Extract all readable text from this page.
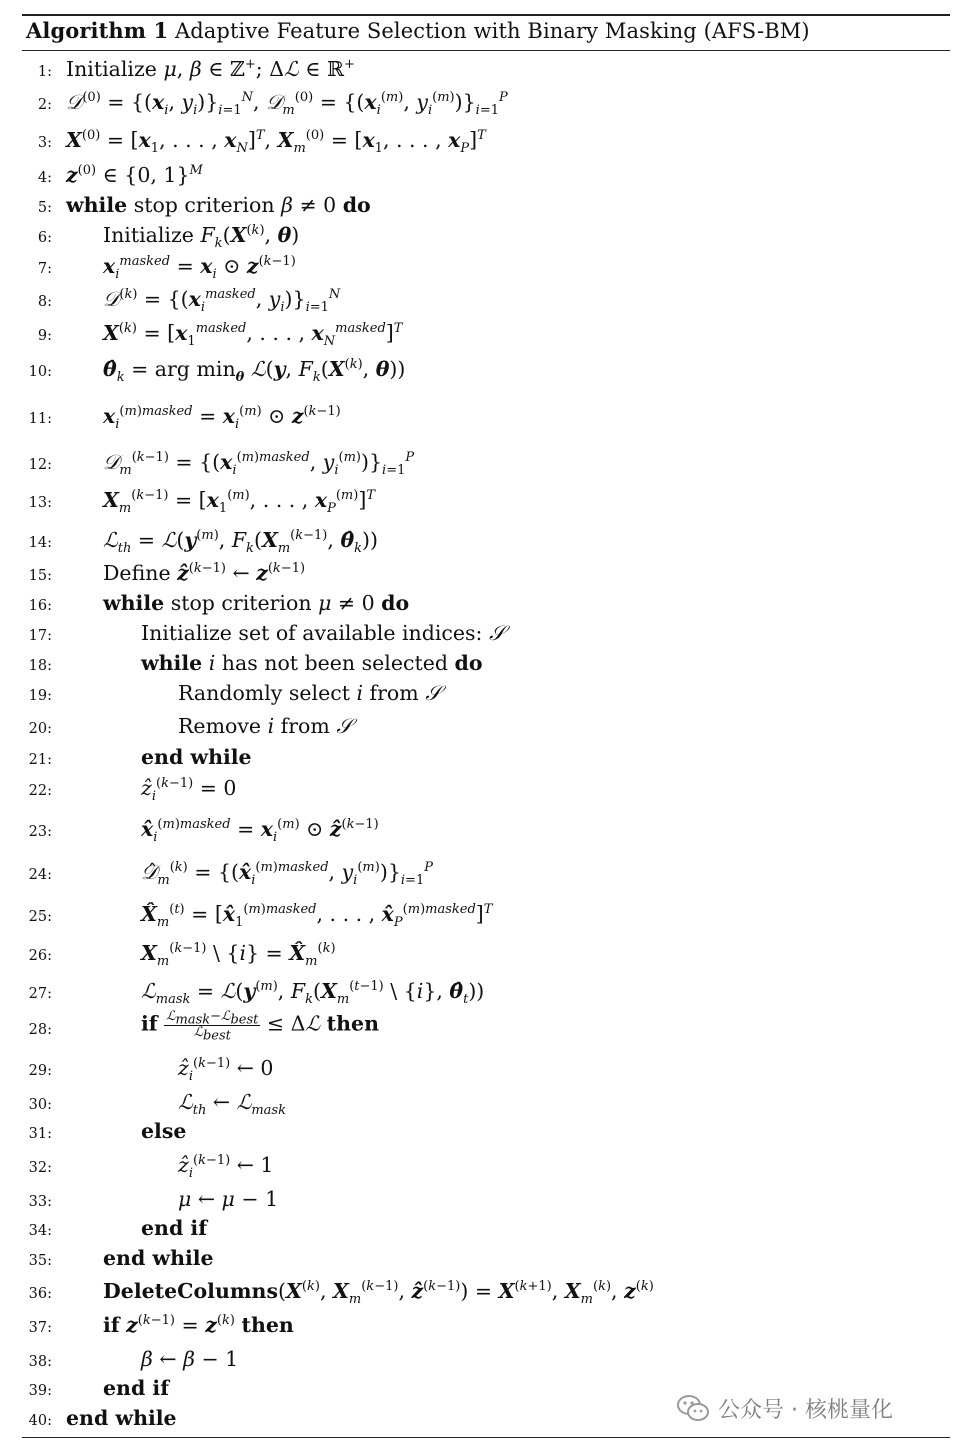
Algorithm 1 Adaptive Feature Selection with Binary Masking (AFS-BM)
1: Initialize μ, β ∈ ℤ+; Δℒ ∈ ℝ+
2: 𝒟$^{(0)}$ = {($x_i$, $y_i)\}_{i=1}^N$, 𝒟$_m^{(0)}$ = {($x_i^{(m)}$, $y_i^{(m)})\}_{i=1}^P$
3: $X^{(0)} = [x_1$, . . . , $x_N]^T$, $X_m^{(0)} = [x_1$, . . . , $x_P]^T$
4: $z^{(0)}$ ∈ {0, 1}$^M$
5: while stop criterion β ≠ 0 do
6: Initialize $F_k(X^{(k)}$, θ)
7: $x_i^{masked} = x_i$ ⊙ $z^{(k-1)}$
8: 𝒟$^{(k)}$ = {($x_i^{masked}$, $y_i)\}_{i=1}^N$
9: $X^{(k)} = [x_1^{masked}$, . . . , $x_N^{masked}]^T$
10: $\thetâ_k$ = arg $\min_\theta$ ℒ(y, $F_k(X^{(k)}$, θ))
11: $x_i^{(m)masked} = x_i^{(m)}$ ⊙ $z^{(k-1)}$
12: 𝒟$_m^{(k-1)}$ = {($x_i^{(m)masked}$, $y_i^{(m)})\}_{i=1}^P$
13: $X_m^{(k-1)} = [x_1^{(m)}$, . . . , $x_P^{(m)}]^T$
14: ℒ$_{th}$ = $ℒ(y^{(m)}$, $F_k(X_m^{(k-1)}$, $\thetâ_k$))
15: Define ẑ$^{(k-1)}$ ← $z^{(k-1)}$
16: while stop criterion μ ≠ 0 do
17:	Initialize set of available indices: 𝒮
18:	while i has not been selected do
19:	Randomly select i from 𝒮
20:	Remove i from 𝒮
21:	end while
22:	ẑ$_i^{(k-1)}$ = 0
23:	$x̂_i^{(m)masked} = x_i^{(m)}$ ⊙ ẑ$^{(k-1)}$
24:	𝒟$_m^{(k)}$ = {($x̂_i^{(m)masked}$, $y_i^{(m)})\}_{i=1}^P$
25:	$X̂_m^{(t)}$ = [$x̂_1^{(m)masked}$, . . . , $x̂_P^{(m)masked}]^T$
26:	$X_m^{(k-1)}$ \ $\{i\} = X̂_m^{(k)}$
27:	ℒ$_{mask}$ = $ℒ(y^{(m)}$, $F_k(X_m^{(t-1)}$ \ {i}, $\thetâ_t$))
28:	if ℒ$_{mask}$−ℒ$_{best}$
ℒ$_{best}$
≤ Δℒ then
29:	ẑ$_i^{(k-1)}$ ← 0
30:	ℒ$_{th}$ ← ℒ$_{mask}$
31:	else
32:	ẑ$_i^{(k-1)}$ ← 1
33:	μ ← μ − 1
34:	end if
35: end while
36: $DeleteColumns(X^{(k)}$, $X_m^{(k-1)}$, ẑ$^{(k-1)}$) = $X^{(k+1)}$, $X_m^{(k)}$, $z^{(k)}$
37: if $z^{(k-1)} = z^{(k)}$ then
38:	β ← β − 1
39: end if
40: end while	公众号 · 核桃量化
